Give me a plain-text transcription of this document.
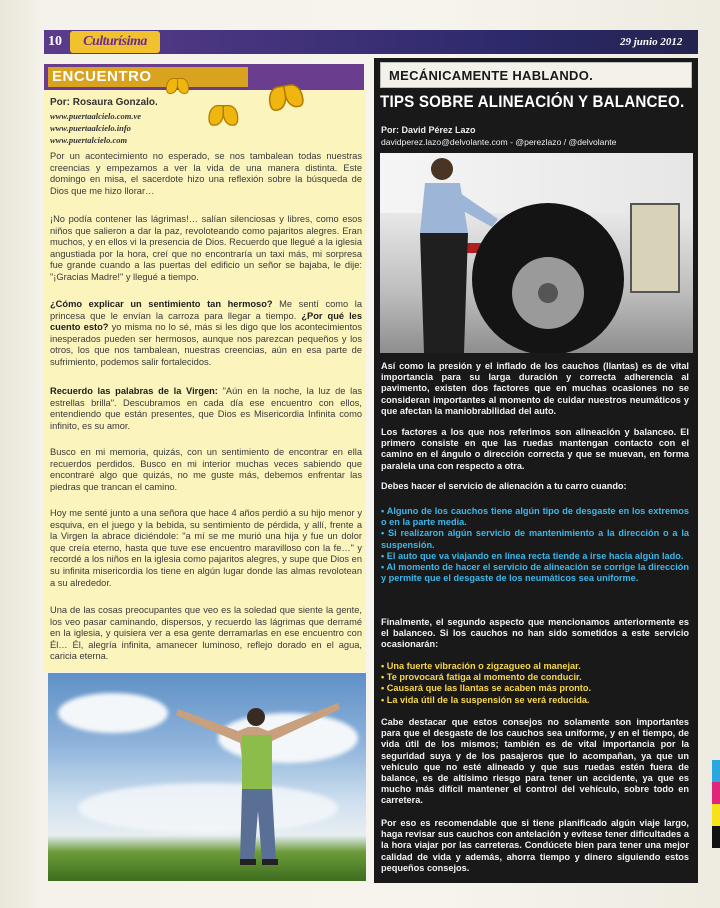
10	Culturísima	29 junio 2012
ENCUENTRO
Por: Rosaura Gonzalo.
www.puertaalcielo.com.ve
www.puertaalcielo.info
www.puertalcielo.com

Por un acontecimiento no esperado, se nos tambalean todas nuestras creencias y empezamos a ver la vida de una manera distinta. Este domingo en misa, el sacerdote hizo una reflexión sobre la búsqueda de Dios que me hizo llorar…

¡No podía contener las lágrimas!… salían silenciosas y libres, como esos niños que salieron a dar la paz, revoloteando como pajaritos alegres. Eran muchos, y en ellos vi la presencia de Dios. Recuerdo que llegué a la iglesia angustiada por la hora, creí que no encontraría un taxi más, mi sorpresa fue grande cuando a las puertas del edificio un señor se bajaba, le dije: "¡Gracias Madre!" y llegué a tiempo.

¿Cómo explicar un sentimiento tan hermoso? Me sentí como la princesa que le envían la carroza para llegar a tiempo. ¿Por qué les cuento esto? yo misma no lo sé, más si les digo que los acontecimientos inesperados pueden ser hermosos, aunque nos parezcan pequeños y los otros, los que nos tambalean, nuestras creencias, aún en esa parte de sufrimiento, podemos salir fortalecidos.

Recuerdo las palabras de la Virgen: "Aún en la noche, la luz de las estrellas brilla". Descubramos en cada día ese encuentro con ellos, entendiendo que están presentes, que Dios es Misericordia Infinita como infinito, es su amor.

Busco en mi memoria, quizás, con un sentimiento de encontrar en ella recuerdos perdidos. Busco en mi interior muchas veces sabiendo que encontraré algo que quizás, no me guste más, debemos enfrentar las piedras que trancan el camino.

Hoy me senté junto a una señora que hace 4 años perdió a su hijo menor y esquiva, en el juego y la bebida, su sentimiento de pérdida, y allí, frente a la Virgen la abrace diciéndole: "a mí se me murió una hija y fue un dolor que creía eterno, hasta que tuve ese encuentro maravilloso con la fe…" y recordé a los niños en la iglesia como pajaritos alegres, y supe que Dios en su infinita misericordia los tiene en algún lugar donde las almas revolotean a su alrededor.

Una de las cosas preocupantes que veo es la soledad que siente la gente, los veo pasar caminando, dispersos, y recuerdo las lágrimas que derramé en la iglesia, y quisiera ver a esa gente derramarlas en ese encuentro con Él… Él, alegría infinita, amanecer luminoso, reflejo dorado en el agua, caricia eterna.

MECÁNICAMENTE HABLANDO.
TIPS SOBRE ALINEACIÓN Y BALANCEO.
Por: David Pérez Lazo
davidperez.lazo@delvolante.com - @perezlazo / @delvolante

Así como la presión y el inflado de los cauchos (llantas) es de vital importancia para su larga duración y correcta adherencia al pavimento, existen dos factores que en muchas ocasiones no se consideran importantes al momento de cuidar nuestros neumáticos y que afectan la maniobrabilidad del auto.

Los factores a los que nos referimos son alineación y balanceo. El primero consiste en que las ruedas mantengan contacto con el camino en el ángulo o dirección correcta y que se muevan, en forma paralela una con respecto a otra.

Debes hacer el servicio de alienación a tu carro cuando:

• Alguno de los cauchos tiene algún tipo de desgaste en los extremos o en la parte media.
• Si realizaron algún servicio de mantenimiento a la dirección o a la suspensión.
• El auto que va viajando en línea recta tiende a irse hacia algún lado.
• Al momento de hacer el servicio de alineación se corrige la dirección y permite que el desgaste de los neumáticos sea uniforme.

Finalmente, el segundo aspecto que mencionamos anteriormente es el balanceo. Si los cauchos no han sido sometidos a este servicio ocasionarán:

• Una fuerte vibración o zigzagueo al manejar.
• Te provocará fatiga al momento de conducir.
• Causará que las llantas se acaben más pronto.
• La vida útil de la suspensión se verá reducida.

Cabe destacar que estos consejos no solamente son importantes para que el desgaste de los cauchos sea uniforme, y en el tiempo, de vida útil de los mismos; también es de vital importancia por la seguridad suya y de los pasajeros que lo acompañan, ya que un vehículo que no esté alineado y que sus ruedas estén fuera de balance, es de altísimo riesgo para tener un accidente, ya que es mucho más difícil mantener el control del vehículo, sobre todo en carretera.

Por eso es recomendable que si tiene planificado algún viaje largo, haga revisar sus cauchos con antelación y evítese tener dificultades a la hora viajar por las carreteras. Condúcete bien para tener una mejor calidad de vida y además, ahorra tiempo y dinero siguiendo estos pequeños consejos.
